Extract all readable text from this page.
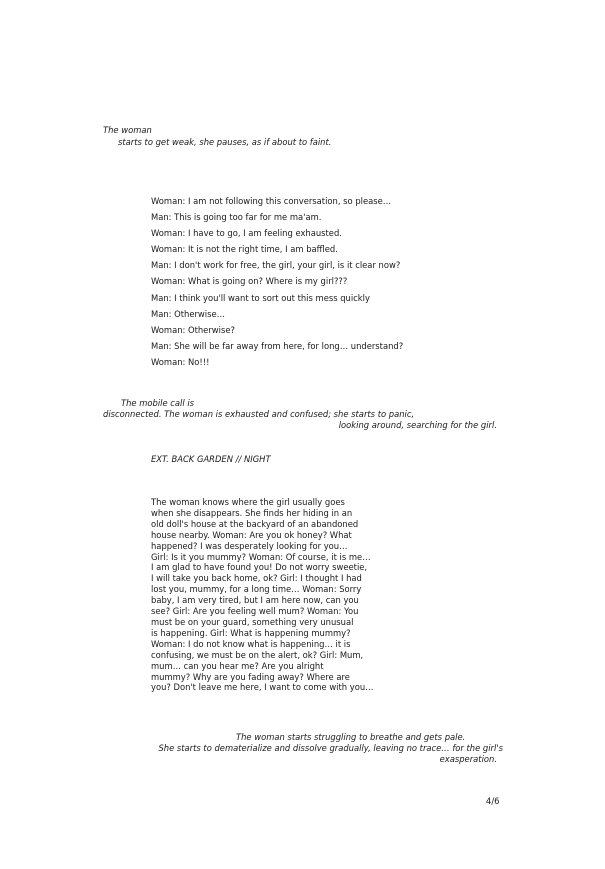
The woman

starts to get weak, she pauses, as if about to faint.

Woman: I am not following this conversation, so please…
Man: This is going too far for me ma'am.
Woman: I have to go, I am feeling exhausted.
Woman: It is not the right time, I am baffled.
Man: I don't work for free, the girl, your girl, is it clear now?
Woman: What is going on? Where is my girl???
Man: I think you'll want to sort out this mess quickly
Man: Otherwise…
Woman: Otherwise?
Man: She will be far away from here, for long… understand?
Woman: No!!!

The mobile call is

disconnected. The woman is exhausted and confused; she starts to panic,

looking around, searching for the girl.

EXT. BACK GARDEN // NIGHT

The woman knows where the girl usually goes
when she disappears. She finds her hiding in an
old doll's house at the backyard of an abandoned
house nearby. Woman: Are you ok honey? What
happened? I was desperately looking for you…
Girl: Is it you mummy? Woman: Of course, it is me…
I am glad to have found you! Do not worry sweetie,
I will take you back home, ok? Girl: I thought I had
lost you, mummy, for a long time… Woman: Sorry
baby, I am very tired, but I am here now, can you
see? Girl: Are you feeling well mum? Woman: You
must be on your guard, something very unusual
is happening. Girl: What is happening mummy?
Woman: I do not know what is happening… it is
confusing, we must be on the alert, ok? Girl: Mum,
mum… can you hear me? Are you alright
mummy? Why are you fading away? Where are
you? Don't leave me here, I want to come with you…

The woman starts struggling to breathe and gets pale.

She starts to dematerialize and dissolve gradually, leaving no trace… for the girl's

exasperation.

4/6
